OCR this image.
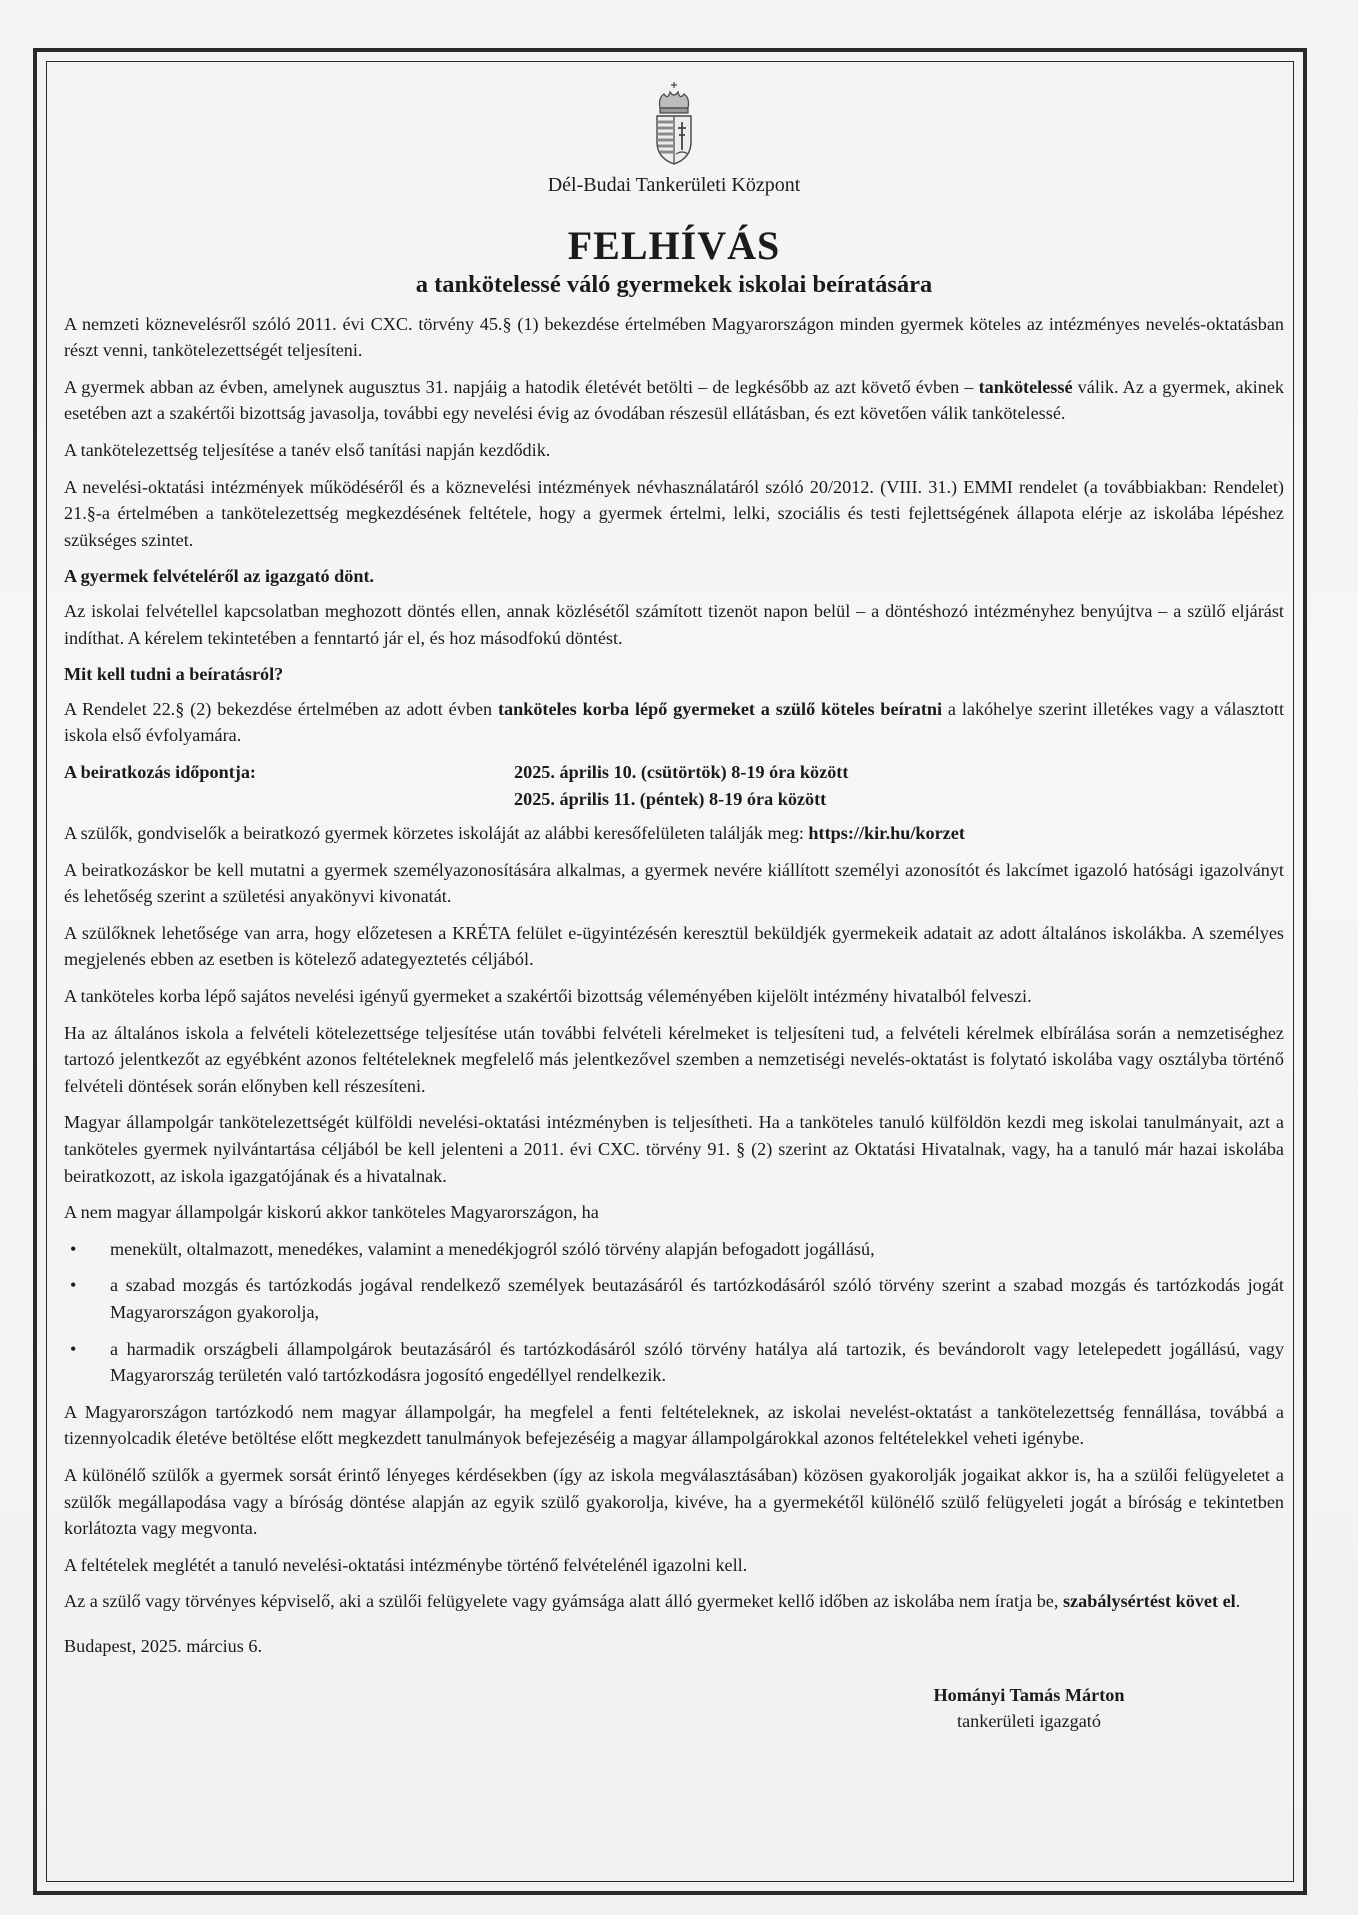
Dél-Budai Tankerületi Központ
FELHÍVÁS
a tankötelessé váló gyermekek iskolai beíratására

A nemzeti köznevelésről szóló 2011. évi CXC. törvény 45.§ (1) bekezdése értelmében Magyarországon minden gyermek köteles az intézményes nevelés-oktatásban részt venni, tankötelezettségét teljesíteni.

A gyermek abban az évben, amelynek augusztus 31. napjáig a hatodik életévét betölti – de legkésőbb az azt követő évben – tankötelessé válik. Az a gyermek, akinek esetében azt a szakértői bizottság javasolja, további egy nevelési évig az óvodában részesül ellátásban, és ezt követően válik tankötelessé.

A tankötelezettség teljesítése a tanév első tanítási napján kezdődik.

A nevelési-oktatási intézmények működéséről és a köznevelési intézmények névhasználatáról szóló 20/2012. (VIII. 31.) EMMI rendelet (a továbbiakban: Rendelet) 21.§-a értelmében a tankötelezettség megkezdésének feltétele, hogy a gyermek értelmi, lelki, szociális és testi fejlettségének állapota elérje az iskolába lépéshez szükséges szintet.

A gyermek felvételéről az igazgató dönt.

Az iskolai felvétellel kapcsolatban meghozott döntés ellen, annak közlésétől számított tizenöt napon belül – a döntéshozó intézményhez benyújtva – a szülő eljárást indíthat. A kérelem tekintetében a fenntartó jár el, és hoz másodfokú döntést.

Mit kell tudni a beíratásról?

A Rendelet 22.§ (2) bekezdése értelmében az adott évben tanköteles korba lépő gyermeket a szülő köteles beíratni a lakóhelye szerint illetékes vagy a választott iskola első évfolyamára.

A beiratkozás időpontja:	2025. április 10. (csütörtök) 8-19 óra között
2025. április 11. (péntek) 8-19 óra között

A szülők, gondviselők a beiratkozó gyermek körzetes iskoláját az alábbi keresőfelületen találják meg: https://kir.hu/korzet

A beiratkozáskor be kell mutatni a gyermek személyazonosítására alkalmas, a gyermek nevére kiállított személyi azonosítót és lakcímet igazoló hatósági igazolványt és lehetőség szerint a születési anyakönyvi kivonatát.

A szülőknek lehetősége van arra, hogy előzetesen a KRÉTA felület e-ügyintézésén keresztül beküldjék gyermekeik adatait az adott általános iskolákba. A személyes megjelenés ebben az esetben is kötelező adategyeztetés céljából.

A tanköteles korba lépő sajátos nevelési igényű gyermeket a szakértői bizottság véleményében kijelölt intézmény hivatalból felveszi.

Ha az általános iskola a felvételi kötelezettsége teljesítése után további felvételi kérelmeket is teljesíteni tud, a felvételi kérelmek elbírálása során a nemzetiséghez tartozó jelentkezőt az egyébként azonos feltételeknek megfelelő más jelentkezővel szemben a nemzetiségi nevelés-oktatást is folytató iskolába vagy osztályba történő felvételi döntések során előnyben kell részesíteni.

Magyar állampolgár tankötelezettségét külföldi nevelési-oktatási intézményben is teljesítheti. Ha a tanköteles tanuló külföldön kezdi meg iskolai tanulmányait, azt a tanköteles gyermek nyilvántartása céljából be kell jelenteni a 2011. évi CXC. törvény 91. § (2) szerint az Oktatási Hivatalnak, vagy, ha a tanuló már hazai iskolába beiratkozott, az iskola igazgatójának és a hivatalnak.

A nem magyar állampolgár kiskorú akkor tanköteles Magyarországon, ha

• menekült, oltalmazott, menedékes, valamint a menedékjogról szóló törvény alapján befogadott jogállású,
• a szabad mozgás és tartózkodás jogával rendelkező személyek beutazásáról és tartózkodásáról szóló törvény szerint a szabad mozgás és tartózkodás jogát Magyarországon gyakorolja,
• a harmadik országbeli állampolgárok beutazásáról és tartózkodásáról szóló törvény hatálya alá tartozik, és bevándorolt vagy letelepedett jogállású, vagy Magyarország területén való tartózkodásra jogosító engedéllyel rendelkezik.

A Magyarországon tartózkodó nem magyar állampolgár, ha megfelel a fenti feltételeknek, az iskolai nevelést-oktatást a tankötelezettség fennállása, továbbá a tizennyolcadik életéve betöltése előtt megkezdett tanulmányok befejezéséig a magyar állampolgárokkal azonos feltételekkel veheti igénybe.

A különélő szülők a gyermek sorsát érintő lényeges kérdésekben (így az iskola megválasztásában) közösen gyakorolják jogaikat akkor is, ha a szülői felügyeletet a szülők megállapodása vagy a bíróság döntése alapján az egyik szülő gyakorolja, kivéve, ha a gyermekétől különélő szülő felügyeleti jogát a bíróság e tekintetben korlátozta vagy megvonta.

A feltételek meglétét a tanuló nevelési-oktatási intézménybe történő felvételénél igazolni kell.

Az a szülő vagy törvényes képviselő, aki a szülői felügyelete vagy gyámsága alatt álló gyermeket kellő időben az iskolába nem íratja be, szabálysértést követ el.

Budapest, 2025. március 6.

Hományi Tamás Márton
tankerületi igazgató
